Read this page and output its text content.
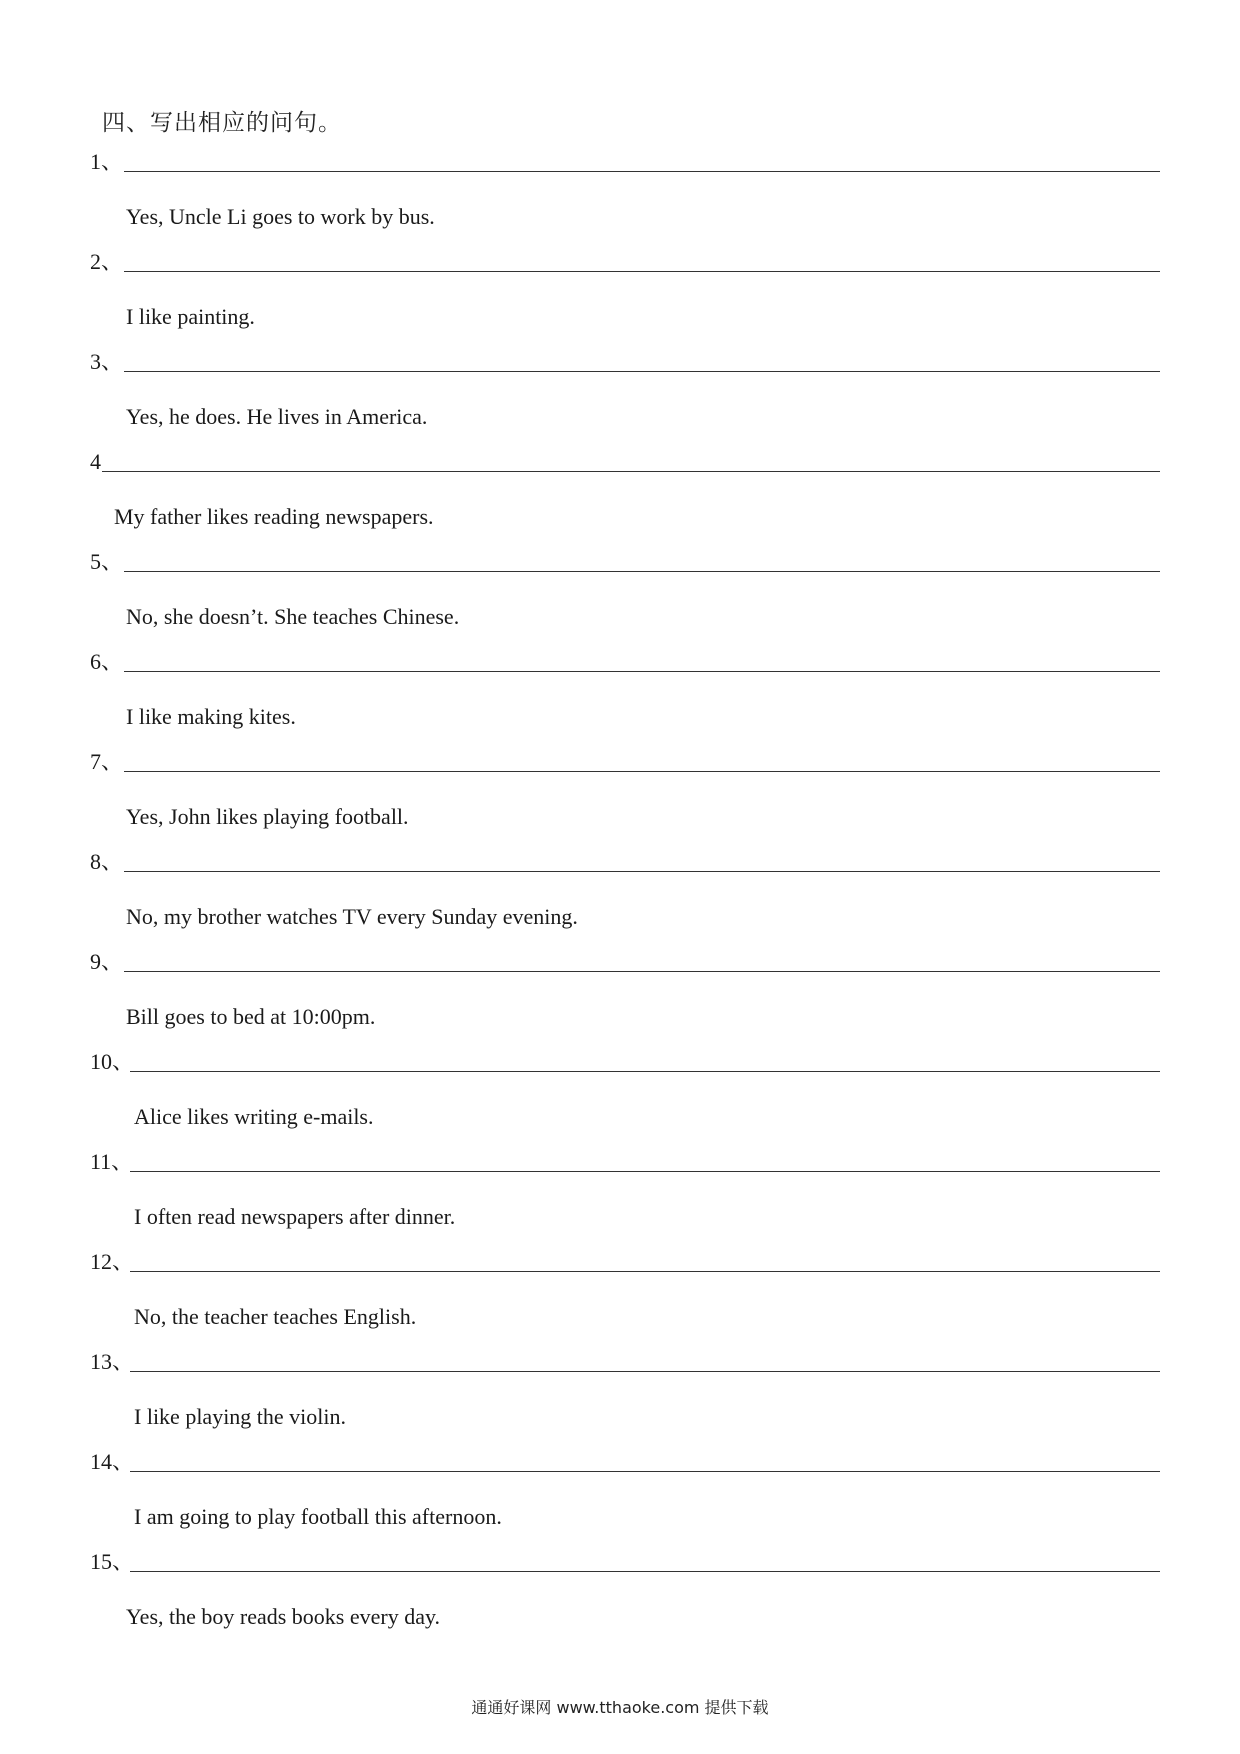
四、写出相应的问句。
1、
Yes, Uncle Li goes to work by bus.
2、
I like painting.
3、
Yes, he does. He lives in America.
4
My father likes reading newspapers.
5、
No, she doesn’t. She teaches Chinese.
6、
I like making kites.
7、
Yes, John likes playing football.
8、
No, my brother watches TV every Sunday evening.
9、
Bill goes to bed at 10:00pm.
10、
Alice likes writing e-mails.
11、
I often read newspapers after dinner.
12、
No, the teacher teaches English.
13、
I like playing the violin.
14、
I am going to play football this afternoon.
15、
Yes, the boy reads books every day.
通通好课网 www.tthaoke.com 提供下载
